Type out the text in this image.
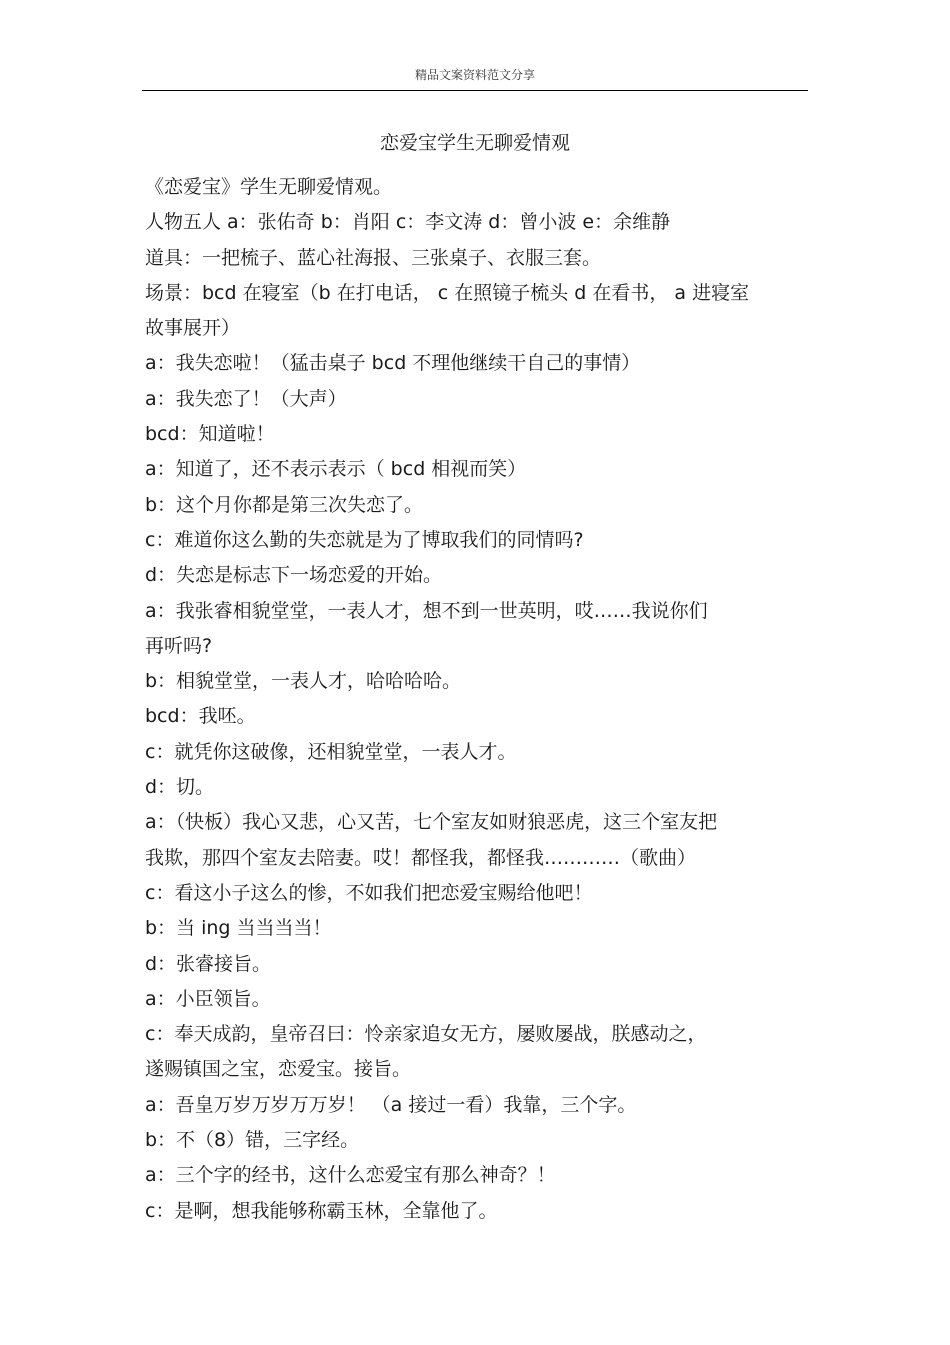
精品文案资料范文分享
恋爱宝学生无聊爱情观

《恋爱宝》学生无聊爱情观。

人物五人 a：张佑奇 b：肖阳 c：李文涛 d：曾小波 e：余维静

道具：一把梳子、蓝心社海报、三张桌子、衣服三套。

场景：bcd 在寝室（b 在打电话， c 在照镜子梳头 d 在看书， a 进寝室

故事展开）

a：我失恋啦！（猛击桌子 bcd 不理他继续干自己的事情）

a：我失恋了！（大声）

bcd：知道啦！

a：知道了，还不表示表示（ bcd 相视而笑）

b：这个月你都是第三次失恋了。

c：难道你这么勤的失恋就是为了博取我们的同情吗?

d：失恋是标志下一场恋爱的开始。

a：我张睿相貌堂堂，一表人才，想不到一世英明，哎……我说你们

再听吗?

b：相貌堂堂，一表人才，哈哈哈哈。

bcd：我呸。

c：就凭你这破像，还相貌堂堂，一表人才。

d：切。

a：（快板）我心又悲，心又苦，七个室友如财狼恶虎，这三个室友把

我欺，那四个室友去陪妻。哎！都怪我，都怪我…………（歌曲）

c：看这小子这么的惨，不如我们把恋爱宝赐给他吧！

b：当 ing 当当当当！

d：张睿接旨。

a：小臣领旨。

c：奉天成韵，皇帝召曰：怜亲家追女无方，屡败屡战，朕感动之，

遂赐镇国之宝，恋爱宝。接旨。

a：吾皇万岁万岁万万岁！ （a 接过一看）我靠，三个字。

b：不（8）错，三字经。

a：三个字的经书，这什么恋爱宝有那么神奇？！

c：是啊，想我能够称霸玉林，全靠他了。
